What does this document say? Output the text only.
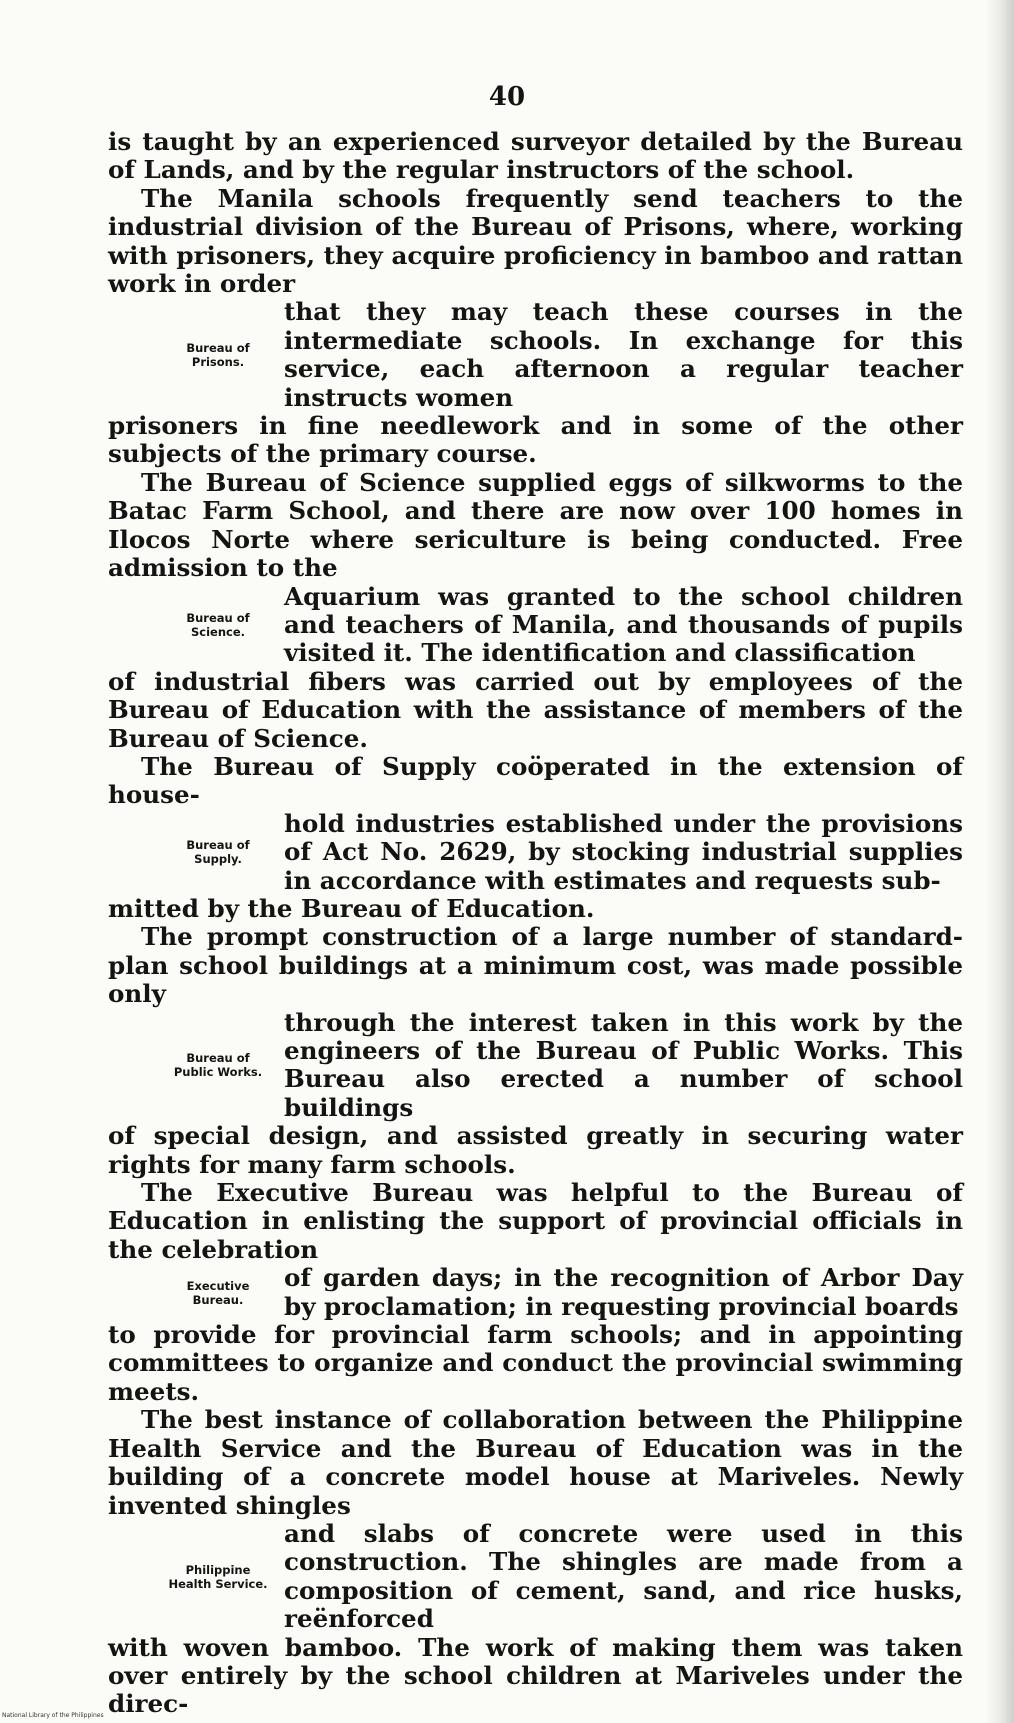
40

is taught by an experienced surveyor detailed by the Bureau of Lands, and by the regular instructors of the school.

The Manila schools frequently send teachers to the industrial division of the Bureau of Prisons, where, working with prisoners, they acquire proficiency in bamboo and rattan work in order

Bureau of
Prisons.
that they may teach these courses in the intermediate schools. In exchange for this service, each afternoon a regular teacher instructs women

prisoners in fine needlework and in some of the other subjects of the primary course.

The Bureau of Science supplied eggs of silkworms to the Batac Farm School, and there are now over 100 homes in Ilocos Norte where sericulture is being conducted. Free admission to the

Bureau of
Science.
Aquarium was granted to the school children and teachers of Manila, and thousands of pupils visited it. The identification and classification

of industrial fibers was carried out by employees of the Bureau of Education with the assistance of members of the Bureau of Science.

The Bureau of Supply coöperated in the extension of house-

Bureau of
Supply.
hold industries established under the provisions of Act No. 2629, by stocking industrial supplies in accordance with estimates and requests sub-

mitted by the Bureau of Education.

The prompt construction of a large number of standard-plan school buildings at a minimum cost, was made possible only

Bureau of
Public Works.
through the interest taken in this work by the engineers of the Bureau of Public Works. This Bureau also erected a number of school buildings

of special design, and assisted greatly in securing water rights for many farm schools.

The Executive Bureau was helpful to the Bureau of Education in enlisting the support of provincial officials in the celebration

Executive
Bureau.
of garden days; in the recognition of Arbor Day by proclamation; in requesting provincial boards

to provide for provincial farm schools; and in appointing committees to organize and conduct the provincial swimming meets.

The best instance of collaboration between the Philippine Health Service and the Bureau of Education was in the building of a concrete model house at Mariveles. Newly invented shingles

Philippine
Health Service.
and slabs of concrete were used in this construction. The shingles are made from a composition of cement, sand, and rice husks, reënforced

with woven bamboo. The work of making them was taken over entirely by the school children at Mariveles under the direc-

National Library of the Philippines
